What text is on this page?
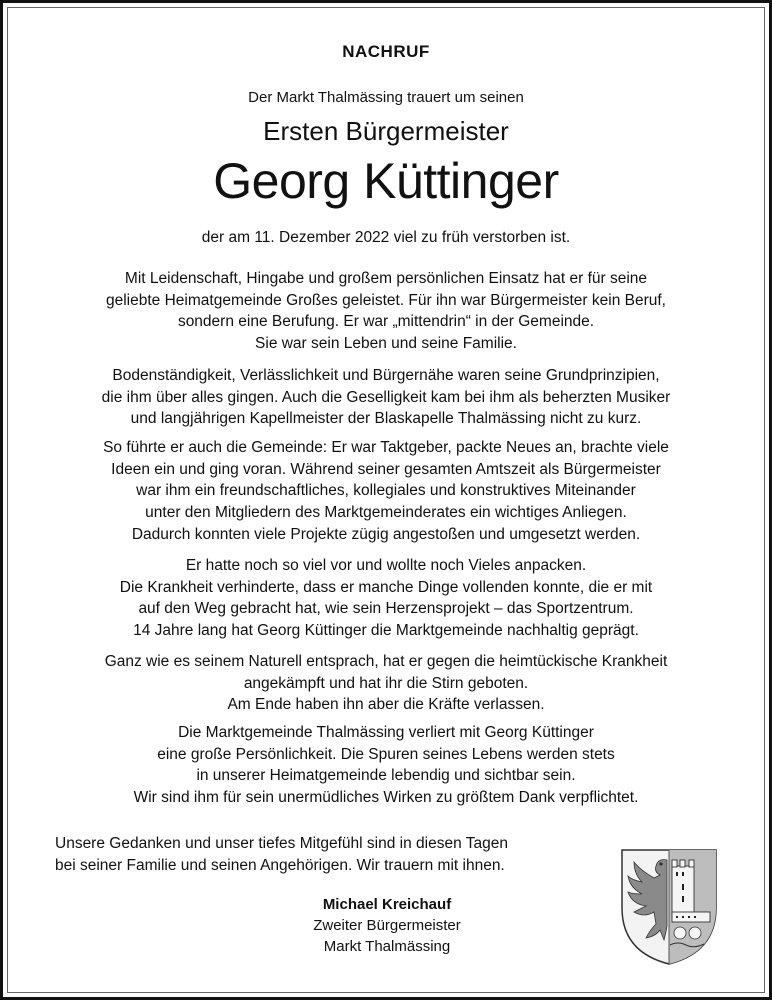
NACHRUF
Der Markt Thalmässing trauert um seinen
Ersten Bürgermeister
Georg Küttinger
der am 11. Dezember 2022 viel zu früh verstorben ist.
Mit Leidenschaft, Hingabe und großem persönlichen Einsatz hat er für seine
geliebte Heimatgemeinde Großes geleistet. Für ihn war Bürgermeister kein Beruf,
sondern eine Berufung. Er war „mittendrin“ in der Gemeinde.
Sie war sein Leben und seine Familie.
Bodenständigkeit, Verlässlichkeit und Bürgernähe waren seine Grundprinzipien,
die ihm über alles gingen. Auch die Geselligkeit kam bei ihm als beherzten Musiker
und langjährigen Kapellmeister der Blaskapelle Thalmässing nicht zu kurz.
So führte er auch die Gemeinde: Er war Taktgeber, packte Neues an, brachte viele
Ideen ein und ging voran. Während seiner gesamten Amtszeit als Bürgermeister
war ihm ein freundschaftliches, kollegiales und konstruktives Miteinander
unter den Mitgliedern des Marktgemeinderates ein wichtiges Anliegen.
Dadurch konnten viele Projekte zügig angestoßen und umgesetzt werden.
Er hatte noch so viel vor und wollte noch Vieles anpacken.
Die Krankheit verhinderte, dass er manche Dinge vollenden konnte, die er mit
auf den Weg gebracht hat, wie sein Herzensprojekt – das Sportzentrum.
14 Jahre lang hat Georg Küttinger die Marktgemeinde nachhaltig geprägt.
Ganz wie es seinem Naturell entsprach, hat er gegen die heimtückische Krankheit
angekämpft und hat ihr die Stirn geboten.
Am Ende haben ihn aber die Kräfte verlassen.
Die Marktgemeinde Thalmässing verliert mit Georg Küttinger
eine große Persönlichkeit. Die Spuren seines Lebens werden stets
in unserer Heimatgemeinde lebendig und sichtbar sein.
Wir sind ihm für sein unermüdliches Wirken zu größtem Dank verpflichtet.
Unsere Gedanken und unser tiefes Mitgefühl sind in diesen Tagen
bei seiner Familie und seinen Angehörigen. Wir trauern mit ihnen.
Michael Kreichauf
Zweiter Bürgermeister
Markt Thalmässing
